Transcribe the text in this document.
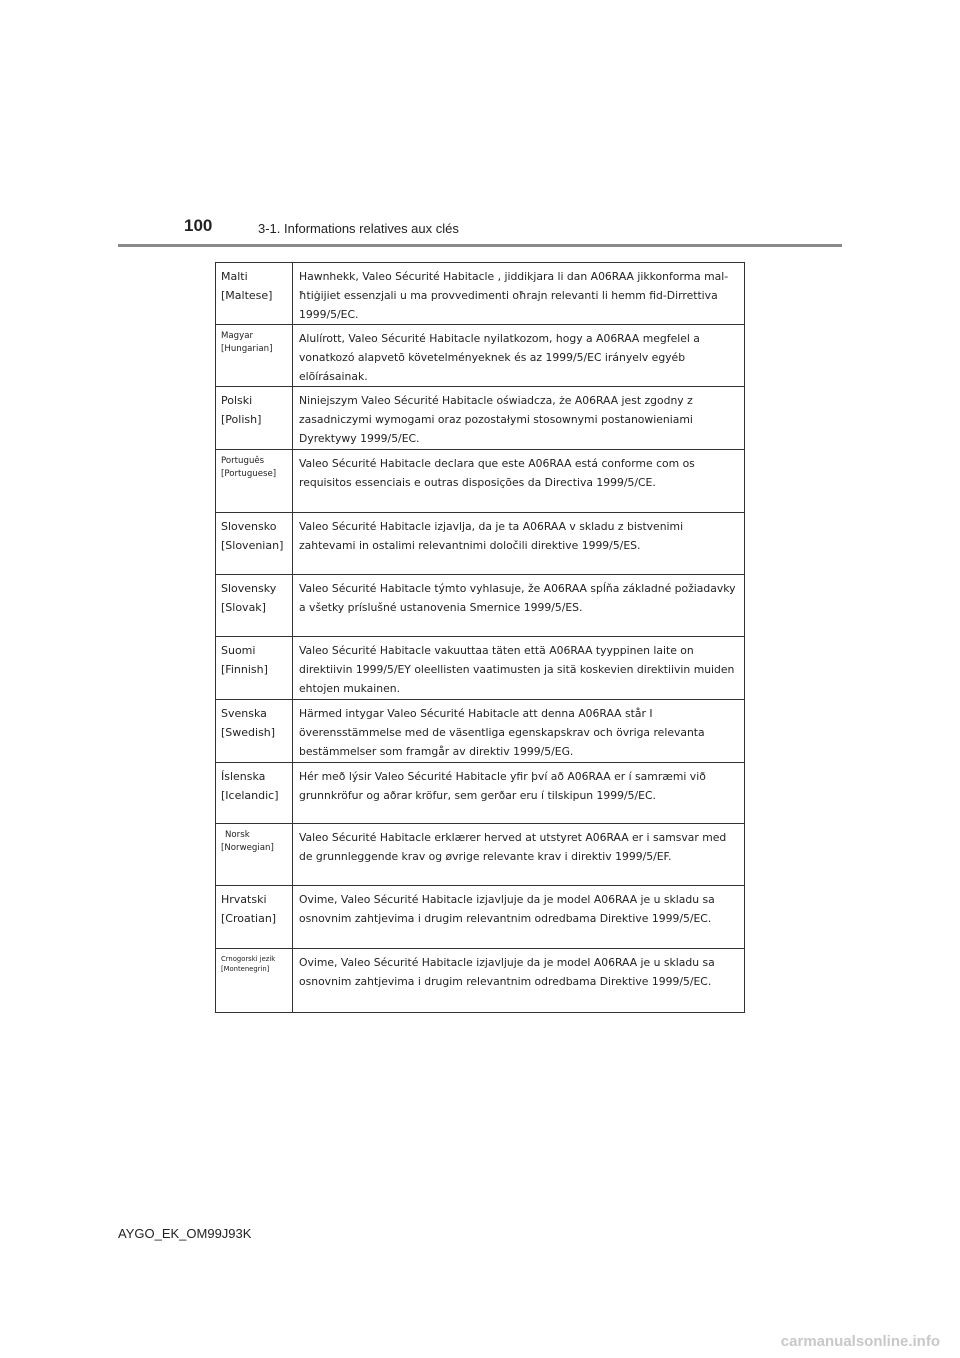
100	3-1. Informations relatives aux clés
Malti
[Maltese]	Hawnhekk, Valeo Sécurité Habitacle , jiddikjara li dan A06RAA jikkonforma mal-ħtiġijiet essenzjali u ma provvedimenti oħrajn relevanti li hemm fid-Dirrettiva 1999/5/EC.

Magyar
[Hungarian]	Alulírott, Valeo Sécurité Habitacle nyilatkozom, hogy a A06RAA megfelel a vonatkozó alapvetõ követelményeknek és az 1999/5/EC irányelv egyéb elõírásainak.

Polski
[Polish]	Niniejszym Valeo Sécurité Habitacle oświadcza, że A06RAA jest zgodny z zasadniczymi wymogami oraz pozostałymi stosownymi postanowieniami Dyrektywy 1999/5/EC.

Português
[Portuguese]	Valeo Sécurité Habitacle declara que este A06RAA está conforme com os requisitos essenciais e outras disposições da Directiva 1999/5/CE.

Slovensko
[Slovenian]	Valeo Sécurité Habitacle izjavlja, da je ta A06RAA v skladu z bistvenimi zahtevami in ostalimi relevantnimi določili direktive 1999/5/ES.

Slovensky
[Slovak]	Valeo Sécurité Habitacle týmto vyhlasuje, že A06RAA spĺňa základné požiadavky a všetky príslušné ustanovenia Smernice 1999/5/ES.

Suomi
[Finnish]	Valeo Sécurité Habitacle vakuuttaa täten että A06RAA tyyppinen laite on direktiivin 1999/5/EY oleellisten vaatimusten ja sitä koskevien direktiivin muiden ehtojen mukainen.

Svenska
[Swedish]	Härmed intygar Valeo Sécurité Habitacle att denna A06RAA står I överensstämmelse med de väsentliga egenskapskrav och övriga relevanta bestämmelser som framgår av direktiv 1999/5/EG.

Íslenska
[Icelandic]	Hér með lýsir Valeo Sécurité Habitacle yfir því að A06RAA er í samræmi við grunnkröfur og aðrar kröfur, sem gerðar eru í tilskipun 1999/5/EC.

Norsk
[Norwegian]	Valeo Sécurité Habitacle erklærer herved at utstyret A06RAA er i samsvar med de grunnleggende krav og øvrige relevante krav i direktiv 1999/5/EF.

Hrvatski
[Croatian]	Ovime, Valeo Sécurité Habitacle izjavljuje da je model A06RAA je u skladu sa osnovnim zahtjevima i drugim relevantnim odredbama Direktive 1999/5/EC.

Crnogorski jezik
[Montenegrin]	Ovime, Valeo Sécurité Habitacle izjavljuje da je model A06RAA je u skladu sa osnovnim zahtjevima i drugim relevantnim odredbama Direktive 1999/5/EC.
AYGO_EK_OM99J93K
carmanualsonline.info
